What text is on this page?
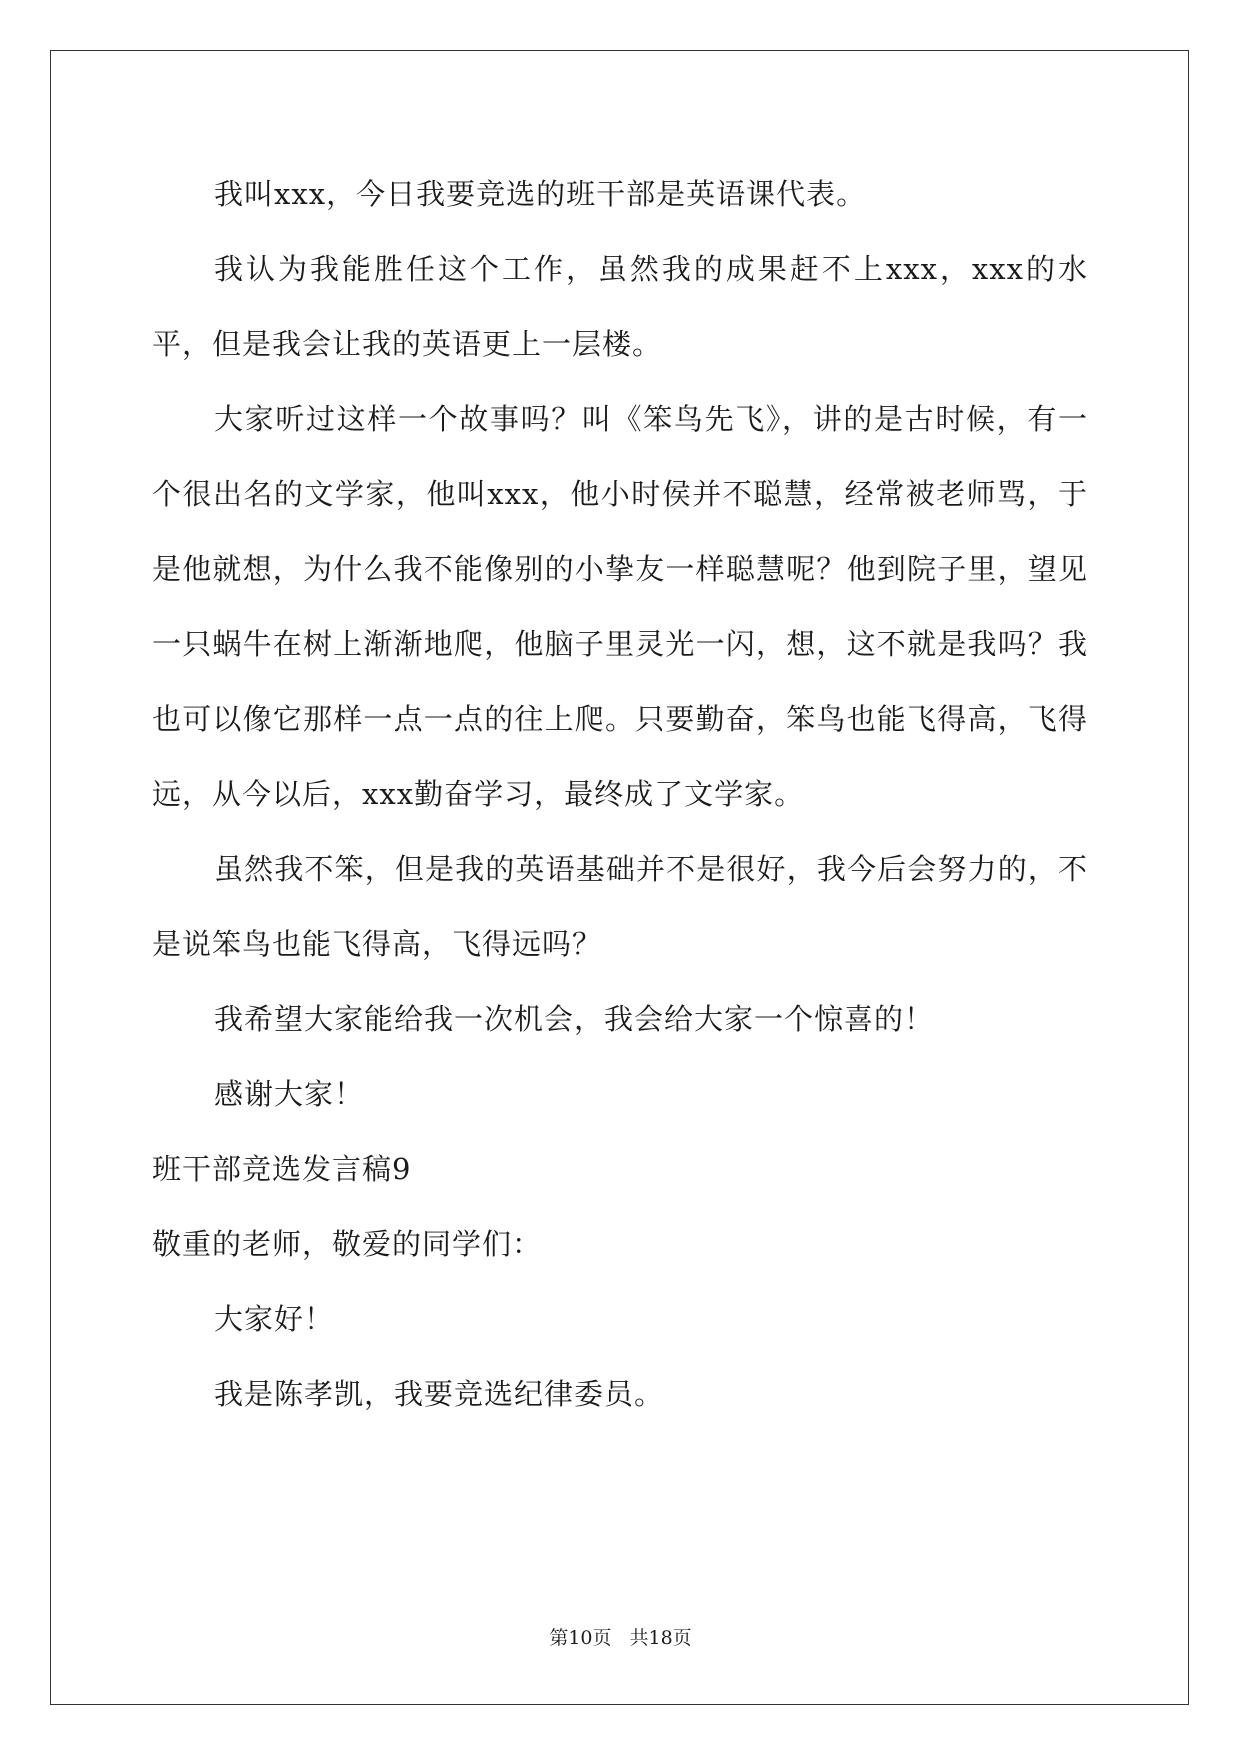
我叫xxx，今日我要竞选的班干部是英语课代表。

我认为我能胜任这个工作，虽然我的成果赶不上xxx，xxx的水平，但是我会让我的英语更上一层楼。

大家听过这样一个故事吗？叫《笨鸟先飞》，讲的是古时候，有一个很出名的文学家，他叫xxx，他小时侯并不聪慧，经常被老师骂，于是他就想，为什么我不能像别的小挚友一样聪慧呢？他到院子里，望见一只蜗牛在树上渐渐地爬，他脑子里灵光一闪，想，这不就是我吗？我也可以像它那样一点一点的往上爬。只要勤奋，笨鸟也能飞得高，飞得远，从今以后，xxx勤奋学习，最终成了文学家。

虽然我不笨，但是我的英语基础并不是很好，我今后会努力的，不是说笨鸟也能飞得高，飞得远吗？

我希望大家能给我一次机会，我会给大家一个惊喜的！

感谢大家！

班干部竞选发言稿9

敬重的老师，敬爱的同学们：

大家好！

我是陈孝凯，我要竞选纪律委员。

第10页 共18页
